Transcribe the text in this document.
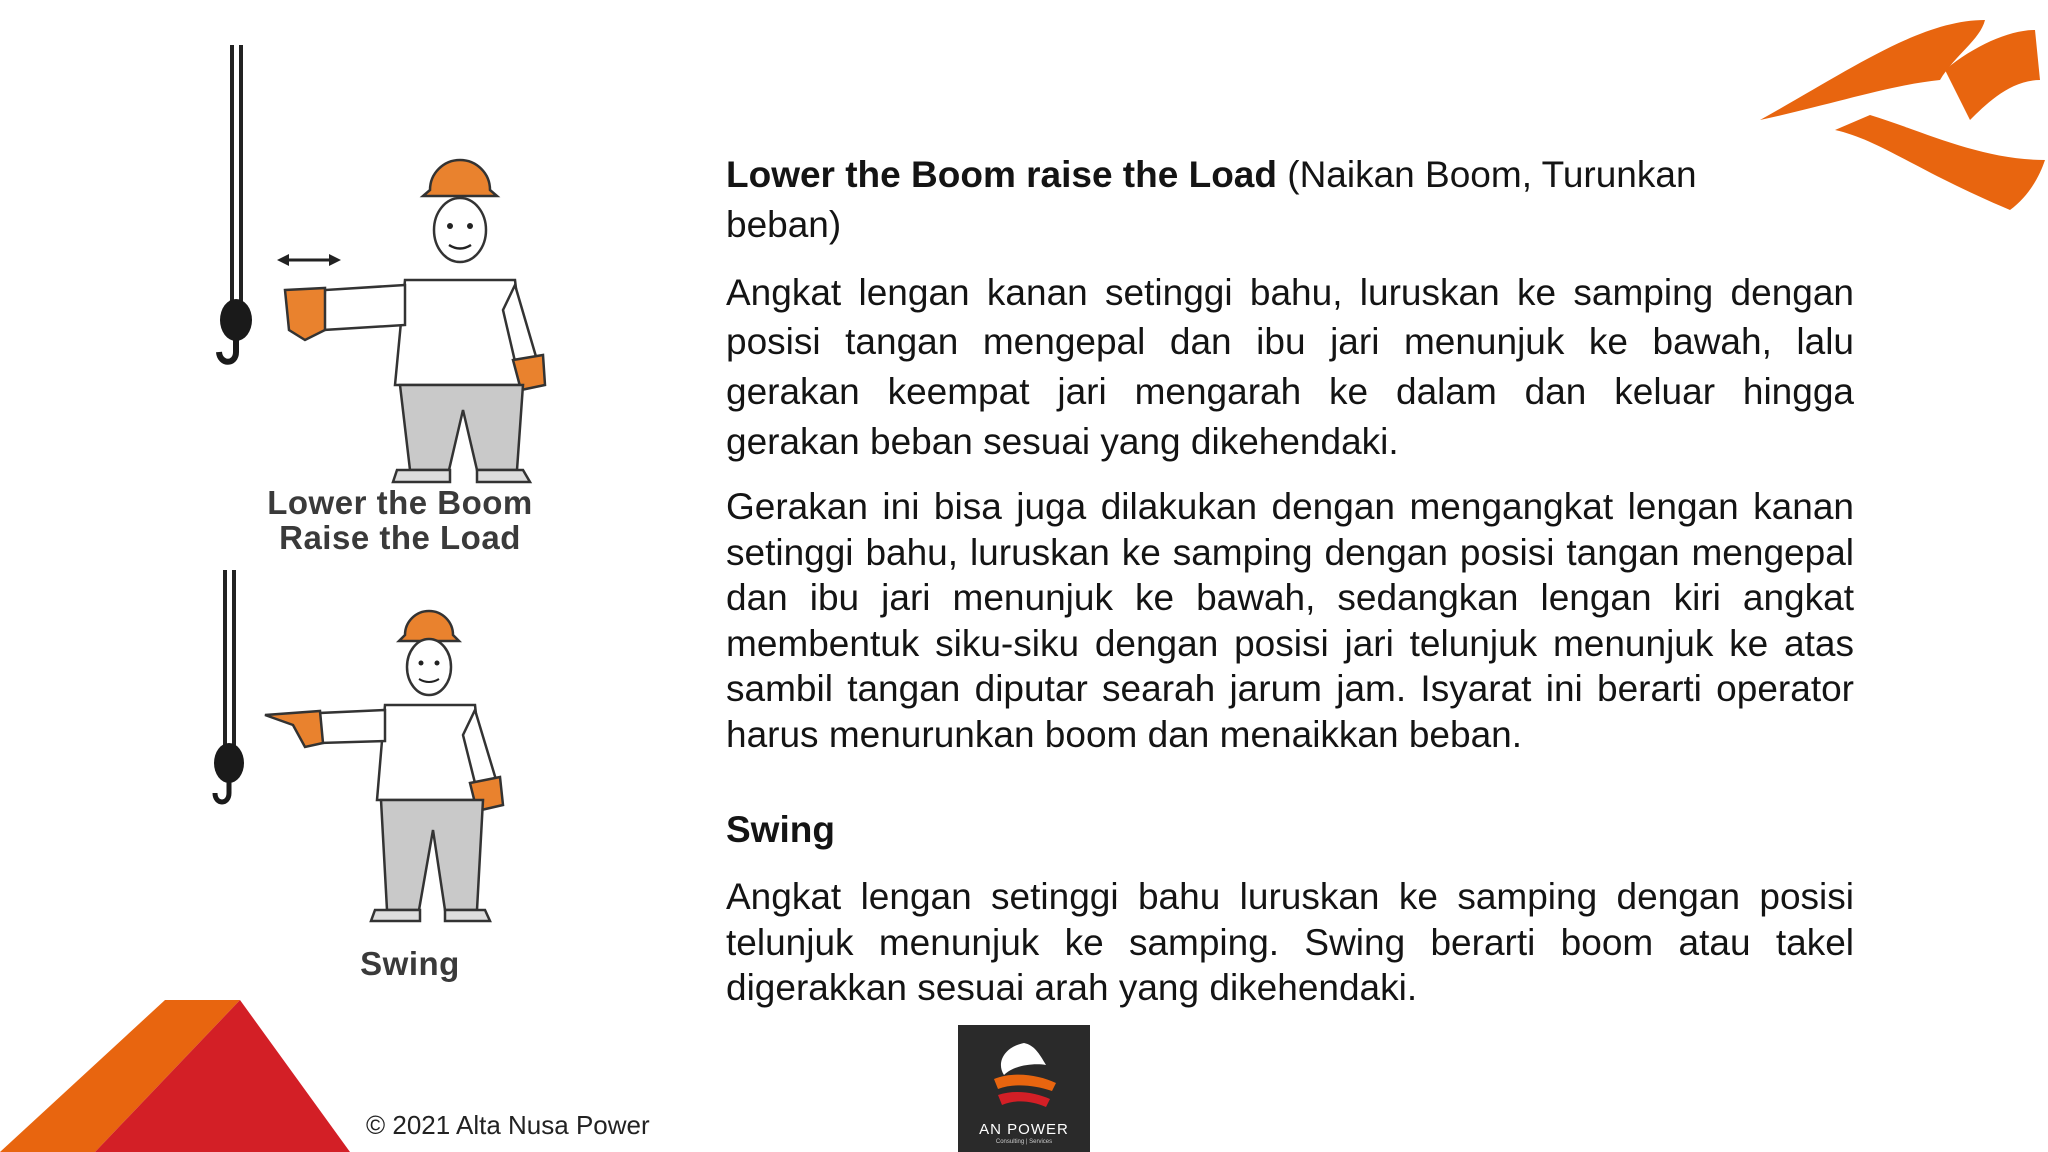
Lower the Boom
Raise the Load
Swing

Lower the Boom raise the Load (Naikan Boom, Turunkan beban)

Angkat lengan kanan setinggi bahu, luruskan ke samping dengan posisi tangan mengepal dan ibu jari menunjuk ke bawah, lalu gerakan keempat jari mengarah ke dalam dan keluar hingga gerakan beban sesuai yang dikehendaki.

Gerakan ini bisa juga dilakukan dengan mengangkat lengan kanan setinggi bahu, luruskan ke samping dengan posisi tangan mengepal dan ibu jari menunjuk ke bawah, sedangkan lengan kiri angkat membentuk siku-siku dengan posisi jari telunjuk menunjuk ke atas sambil tangan diputar searah jarum jam. Isyarat ini berarti operator harus menurunkan boom dan menaikkan beban.

Swing

Angkat lengan setinggi bahu luruskan ke samping dengan posisi telunjuk menunjuk ke samping. Swing berarti boom atau takel digerakkan sesuai arah yang dikehendaki.

© 2021 Alta Nusa Power	AN POWER
Consulting | Services
